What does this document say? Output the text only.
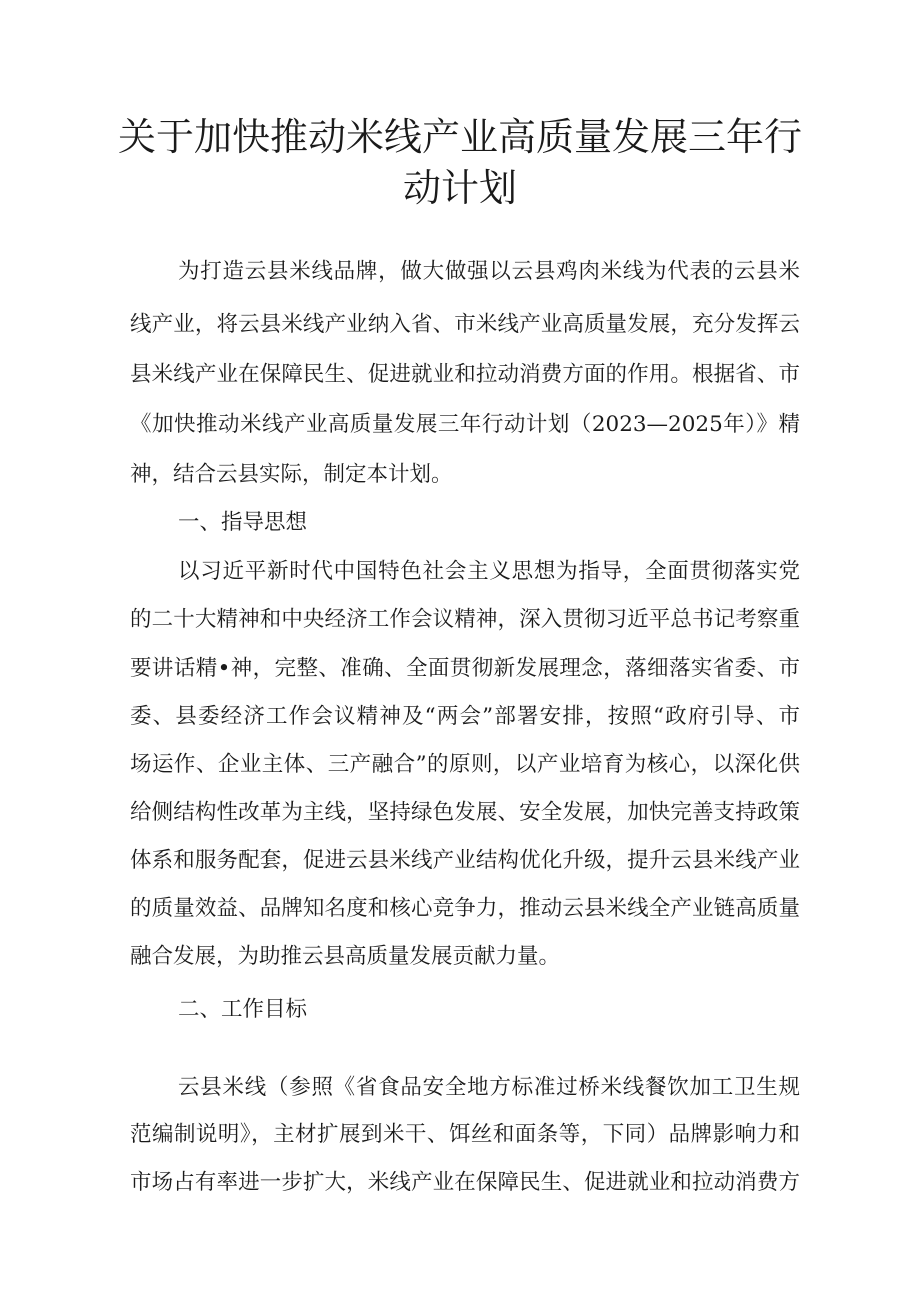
关于加快推动米线产业高质量发展三年行
动计划

为打造云县米线品牌，做大做强以云县鸡肉米线为代表的云县米

线产业，将云县米线产业纳入省、市米线产业高质量发展，充分发挥云

县米线产业在保障民生、促进就业和拉动消费方面的作用。根据省、市

《加快推动米线产业高质量发展三年行动计划（2023—2025年）》精

神，结合云县实际，制定本计划。

一、指导思想

以习近平新时代中国特色社会主义思想为指导，全面贯彻落实党

的二十大精神和中央经济工作会议精神，深入贯彻习近平总书记考察重

要讲话精•神，完整、准确、全面贯彻新发展理念，落细落实省委、市

委、县委经济工作会议精神及“两会”部署安排，按照“政府引导、市

场运作、企业主体、三产融合”的原则，以产业培育为核心，以深化供

给侧结构性改革为主线，坚持绿色发展、安全发展，加快完善支持政策

体系和服务配套，促进云县米线产业结构优化升级，提升云县米线产业

的质量效益、品牌知名度和核心竞争力，推动云县米线全产业链高质量

融合发展，为助推云县高质量发展贡献力量。

二、工作目标

云县米线（参照《省食品安全地方标准过桥米线餐饮加工卫生规

范编制说明》，主材扩展到米干、饵丝和面条等，下同）品牌影响力和

市场占有率进一步扩大，米线产业在保障民生、促进就业和拉动消费方
